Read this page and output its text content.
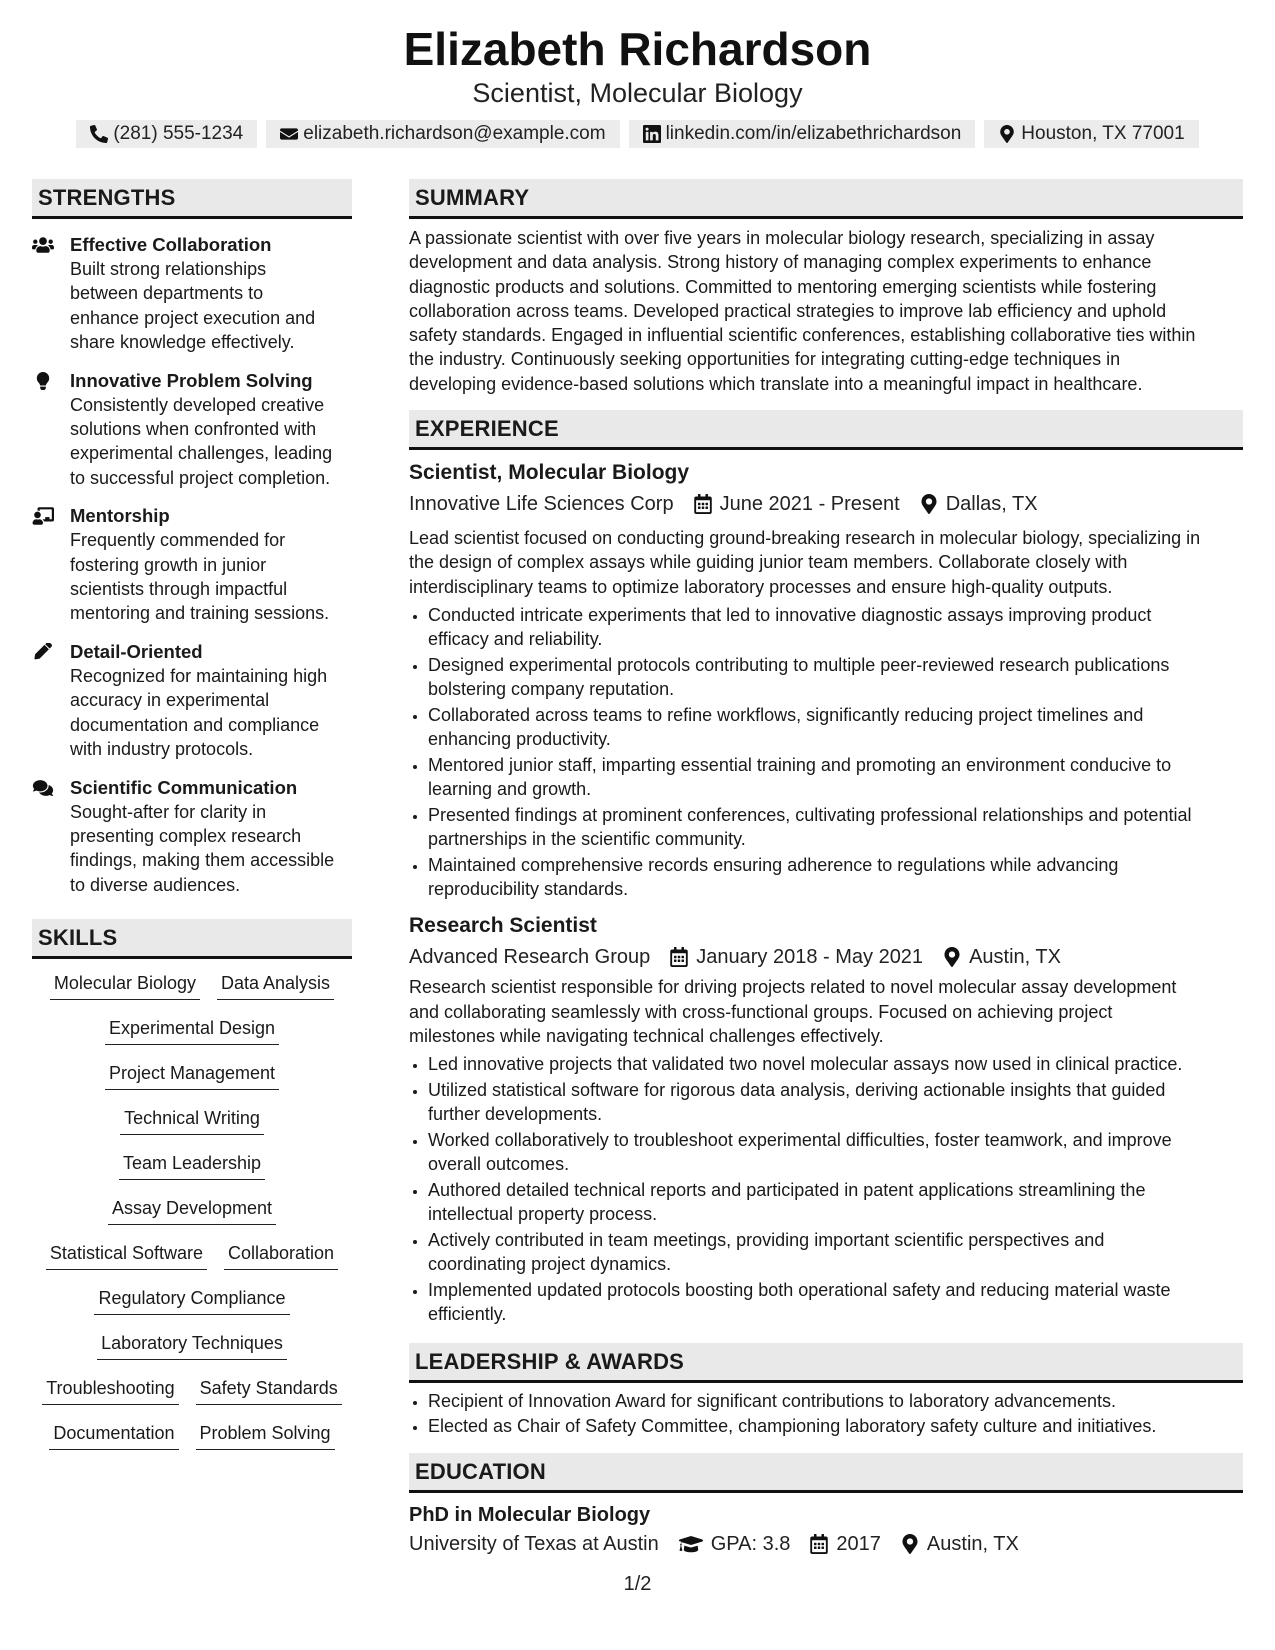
Elizabeth Richardson
Scientist, Molecular Biology
(281) 555-1234	elizabeth.richardson@example.com	linkedin.com/in/elizabethrichardson	Houston, TX 77001
STRENGTHS
Effective Collaboration
Built strong relationships
between departments to
enhance project execution and
share knowledge effectively.
Innovative Problem Solving
Consistently developed creative
solutions when confronted with
experimental challenges, leading
to successful project completion.
Mentorship
Frequently commended for
fostering growth in junior
scientists through impactful
mentoring and training sessions.
Detail-Oriented
Recognized for maintaining high
accuracy in experimental
documentation and compliance
with industry protocols.
Scientific Communication
Sought-after for clarity in
presenting complex research
findings, making them accessible
to diverse audiences.
SKILLS
Molecular Biology Data Analysis
Experimental Design
Project Management
Technical Writing
Team Leadership
Assay Development
Statistical Software Collaboration
Regulatory Compliance
Laboratory Techniques
Troubleshooting Safety Standards
Documentation Problem Solving
SUMMARY
A passionate scientist with over five years in molecular biology research, specializing in assay
development and data analysis. Strong history of managing complex experiments to enhance
diagnostic products and solutions. Committed to mentoring emerging scientists while fostering
collaboration across teams. Developed practical strategies to improve lab efficiency and uphold
safety standards. Engaged in influential scientific conferences, establishing collaborative ties within
the industry. Continuously seeking opportunities for integrating cutting-edge techniques in
developing evidence-based solutions which translate into a meaningful impact in healthcare.
EXPERIENCE
Scientist, Molecular Biology
Innovative Life Sciences Corp June 2021 - Present Dallas, TX
Lead scientist focused on conducting ground-breaking research in molecular biology, specializing in
the design of complex assays while guiding junior team members. Collaborate closely with
interdisciplinary teams to optimize laboratory processes and ensure high-quality outputs.
• Conducted intricate experiments that led to innovative diagnostic assays improving product
efficacy and reliability.
• Designed experimental protocols contributing to multiple peer-reviewed research publications
bolstering company reputation.
• Collaborated across teams to refine workflows, significantly reducing project timelines and
enhancing productivity.
• Mentored junior staff, imparting essential training and promoting an environment conducive to
learning and growth.
• Presented findings at prominent conferences, cultivating professional relationships and potential
partnerships in the scientific community.
• Maintained comprehensive records ensuring adherence to regulations while advancing
reproducibility standards.
Research Scientist
Advanced Research Group January 2018 - May 2021 Austin, TX
Research scientist responsible for driving projects related to novel molecular assay development
and collaborating seamlessly with cross-functional groups. Focused on achieving project
milestones while navigating technical challenges effectively.
• Led innovative projects that validated two novel molecular assays now used in clinical practice.
• Utilized statistical software for rigorous data analysis, deriving actionable insights that guided
further developments.
• Worked collaboratively to troubleshoot experimental difficulties, foster teamwork, and improve
overall outcomes.
• Authored detailed technical reports and participated in patent applications streamlining the
intellectual property process.
• Actively contributed in team meetings, providing important scientific perspectives and
coordinating project dynamics.
• Implemented updated protocols boosting both operational safety and reducing material waste
efficiently.
LEADERSHIP & AWARDS
• Recipient of Innovation Award for significant contributions to laboratory advancements.
• Elected as Chair of Safety Committee, championing laboratory safety culture and initiatives.
EDUCATION
PhD in Molecular Biology
University of Texas at Austin	GPA: 3.8 2017 Austin, TX
1/2
